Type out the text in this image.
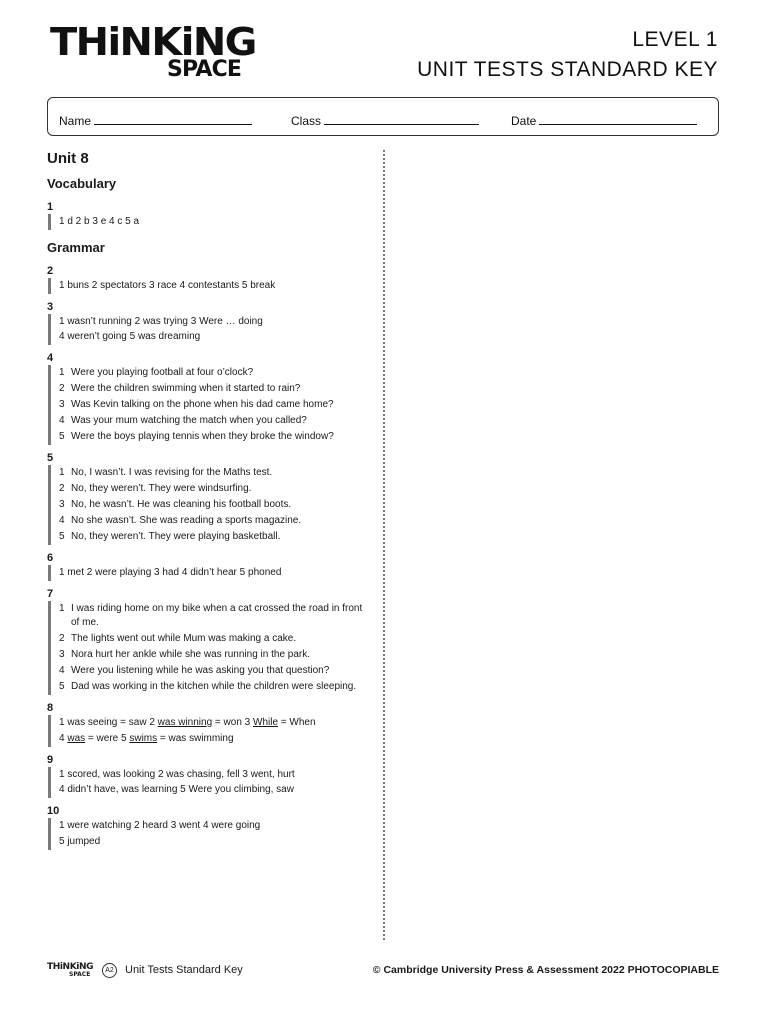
THiNKiNG
SPACE
LEVEL 1
UNIT TESTS STANDARD KEY
Name	Class	Date
Unit 8
Vocabulary
1
1 d 2 b 3 e 4 c 5 a
Grammar
2
1 buns 2 spectators 3 race 4 contestants 5 break
3
1 wasn’t running 2 was trying 3 Were … doing
4 weren’t going 5 was dreaming
4
1 Were you playing football at four o’clock?
2 Were the children swimming when it started to rain?
3 Was Kevin talking on the phone when his dad came home?
4 Was your mum watching the match when you called?
5 Were the boys playing tennis when they broke the window?
5
1 No, I wasn’t. I was revising for the Maths test.
2 No, they weren’t. They were windsurfing.
3 No, he wasn’t. He was cleaning his football boots.
4 No she wasn’t. She was reading a sports magazine.
5 No, they weren’t. They were playing basketball.
6
1 met 2 were playing 3 had 4 didn’t hear 5 phoned
7
1 I was riding home on my bike when a cat crossed the road in front of me.
2 The lights went out while Mum was making a cake.
3 Nora hurt her ankle while she was running in the park.
4 Were you listening while he was asking you that question?
5 Dad was working in the kitchen while the children were sleeping.
8
1 was seeing = saw 2 was winning = won 3 While = When
4 was = were 5 swims = was swimming
9
1 scored, was looking 2 was chasing, fell 3 went, hurt
4 didn’t have, was learning 5 Were you climbing, saw
10
1 were watching 2 heard 3 went 4 were going
5 jumped
THiNKiNG
SPACE
A2 Unit Tests Standard Key	© Cambridge University Press & Assessment 2022 PHOTOCOPIABLE
